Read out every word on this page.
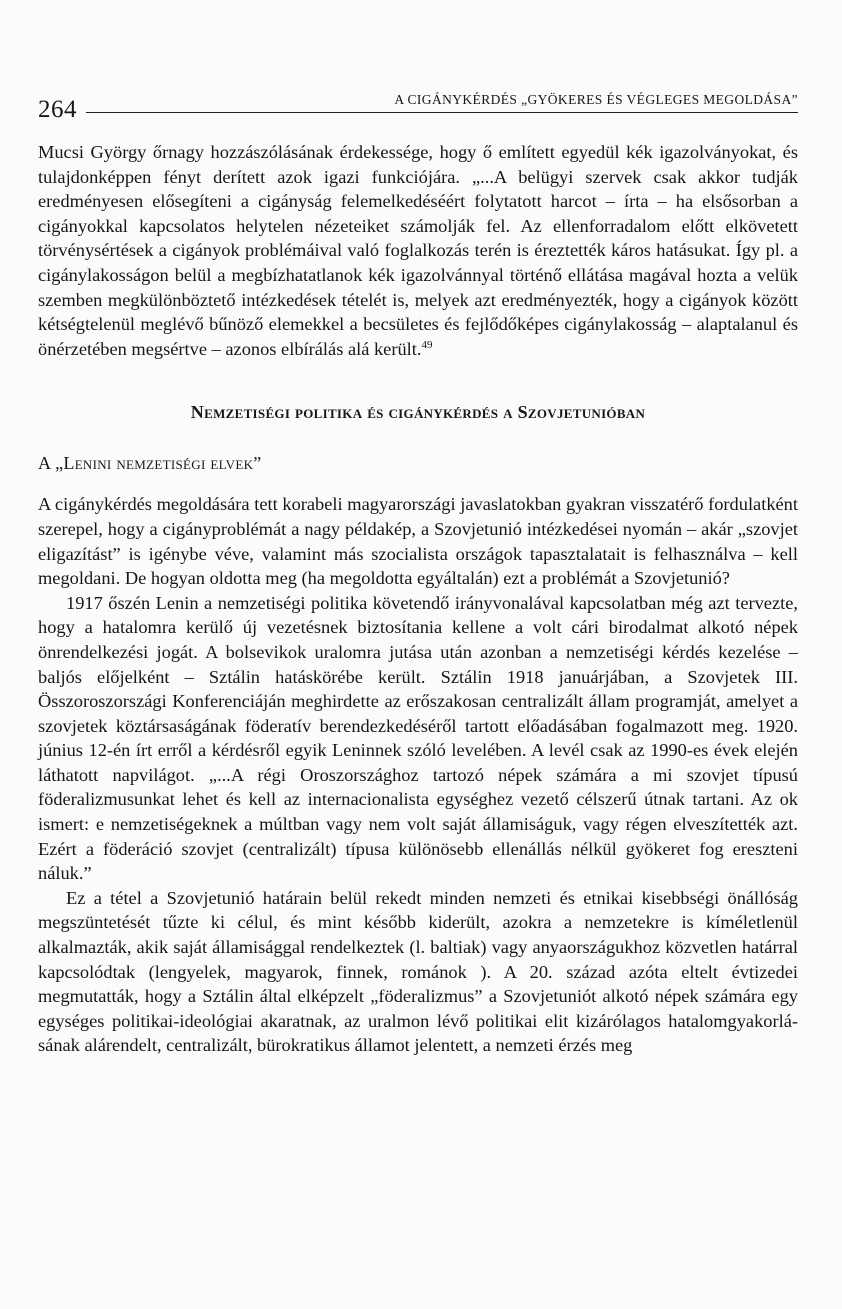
264	A CIGÁNYKÉRDÉS „GYÖKERES ÉS VÉGLEGES MEGOLDÁSA”

Mucsi György őrnagy hozzászólásának érdekessége, hogy ő említett egyedül kék igazolványokat, és tulajdonképpen fényt derített azok igazi funkciójára. „...A belügyi szervek csak akkor tudják eredményesen elősegíteni a cigányság felemelkedéséért folytatott harcot – írta – ha elsősorban a cigányokkal kapcsolatos helytelen nézeteiket számolják fel. Az ellenforradalom előtt elkövetett törvénysértések a cigányok problémáival való foglalkozás terén is éreztették káros hatásukat. Így pl. a cigánylakosságon belül a megbízhatatlanok kék igazolvánnyal történő ellátása magával hozta a velük szemben megkülönböztető intézkedések tételét is, melyek azt eredményezték, hogy a cigányok között kétségtelenül meglévő bűnöző elemekkel a becsületes és fejlődőképes cigánylakosság – alaptalanul és önérzetében megsértve – azonos elbírálás alá került.$^{49}$

Nemzetiségi politika és cigánykérdés a Szovjetunióban
A „Lenini nemzetiségi elvek”

A cigánykérdés megoldására tett korabeli magyarországi javaslatokban gyakran visszatérő fordulatként szerepel, hogy a cigányproblémát a nagy példakép, a Szovjetunió intézkedései nyomán – akár „szovjet eligazítást” is igénybe véve, valamint más szocialista országok tapasztalatait is felhasználva – kell megoldani. De hogyan oldotta meg (ha megoldotta egyáltalán) ezt a problémát a Szovjetunió?

1917 őszén Lenin a nemzetiségi politika követendő irányvonalával kapcsolatban még azt tervezte, hogy a hatalomra kerülő új vezetésnek biztosítania kellene a volt cári birodalmat alkotó népek önrendelkezési jogát. A bolsevikok uralomra jutása után azonban a nemzetiségi kérdés kezelése – baljós előjelként – Sztálin hatáskörébe került. Sztálin 1918 januárjában, a Szovjetek III. Összoroszországi Konferenciáján meghirdette az erőszakosan centralizált állam programját, amelyet a szovjetek köztársaságának föderatív berendezkedéséről tartott előadásában fogalmazott meg. 1920. június 12-én írt erről a kérdésről egyik Leninnek szóló levelében. A levél csak az 1990-es évek elején láthatott napvilágot. „...A régi Oroszországhoz tartozó népek számára a mi szovjet típusú föderalizmusunkat lehet és kell az internacionalista egységhez vezető célszerű útnak tartani. Az ok ismert: e nemzetiségeknek a múltban vagy nem volt saját államiságuk, vagy régen elveszítették azt. Ezért a föderáció szovjet (centralizált) típusa különösebb ellenállás nélkül gyökeret fog ereszteni náluk.”

Ez a tétel a Szovjetunió határain belül rekedt minden nemzeti és etnikai kisebbségi önállóság megszüntetését tűzte ki célul, és mint később kiderült, azokra a nemzetekre is kíméletlenül alkalmazták, akik saját államisággal rendelkeztek (l. baltiak) vagy anyaországukhoz közvetlen határral kapcsolódtak (lengyelek, magyarok, finnek, románok ). A 20. század azóta eltelt évtizedei megmutatták, hogy a Sztálin által elképzelt „föderalizmus” a Szovjetuniót alkotó népek számára egy egységes politikai-ideológiai akaratnak, az uralmon lévő politikai elit kizárólagos hatalomgyakorlásának alárendelt, centralizált, bürokratikus államot jelentett, a nemzeti érzés meg
